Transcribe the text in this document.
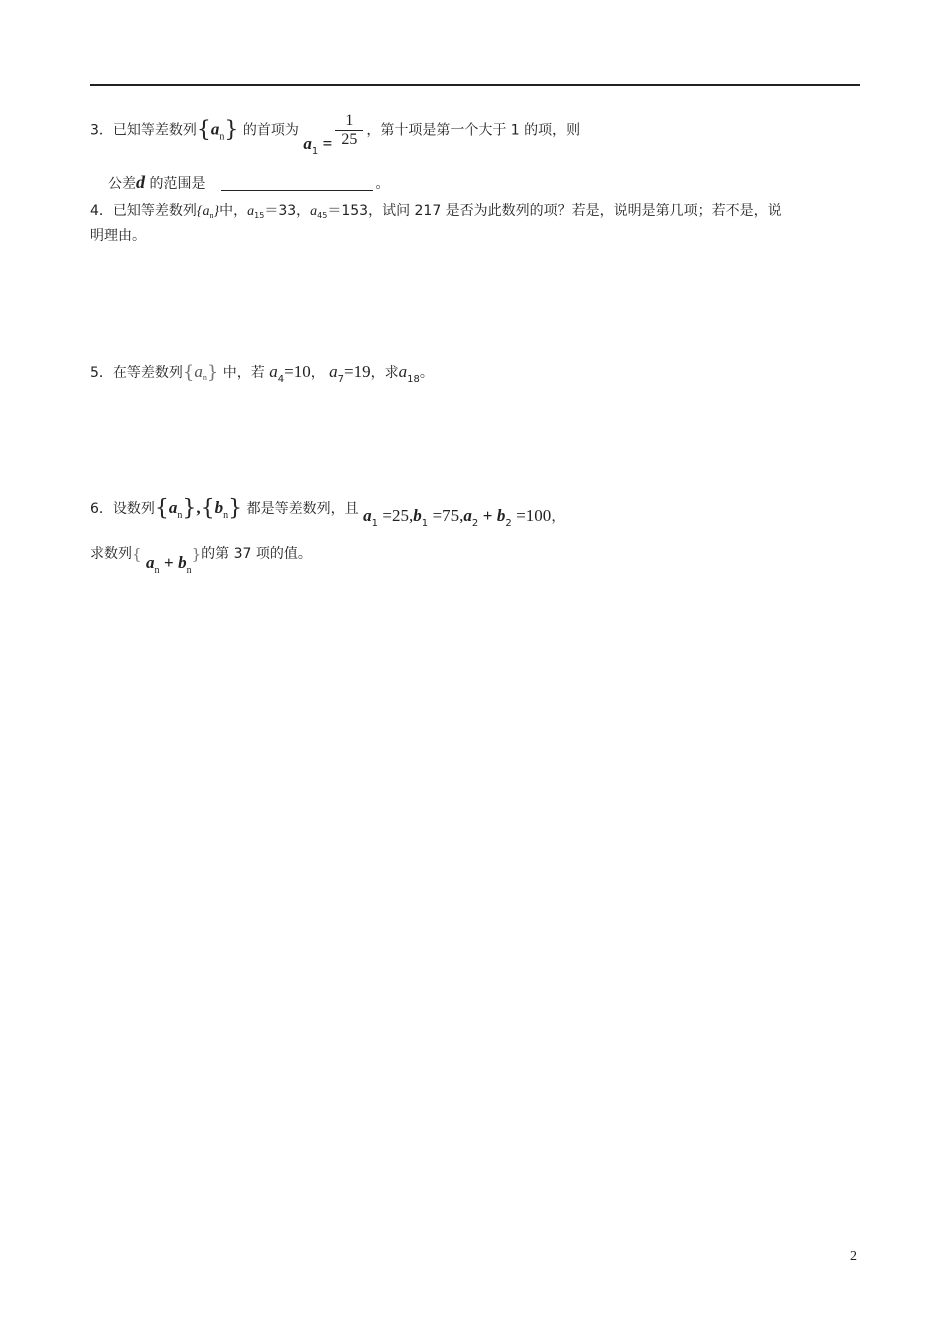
3．已知等差数列$\{a_n\}$ 的首项为 $a_1 = \frac{1}{25}$ ，第十项是第一个大于 1 的项，则
公差d 的范围是	。
4．已知等差数列$\{a_n\}$中，$a_{15}=33$，$a_{45}=153$，试问 217 是否为此数列的项？若是，说明是第几项；若不是，说
明理由。
5．在等差数列$\{a_n\}$ 中，若 $a_4=10$， $a_7=19$，求$a_{18}$。
6．设数列$\{a_n\},\{b_n\}$ 都是等差数列，且 $a_1 =25,b_1 =75,a_2 + b_2 =100$，
求数列{ $a_n + b_n$}的第 37 项的值。
2
